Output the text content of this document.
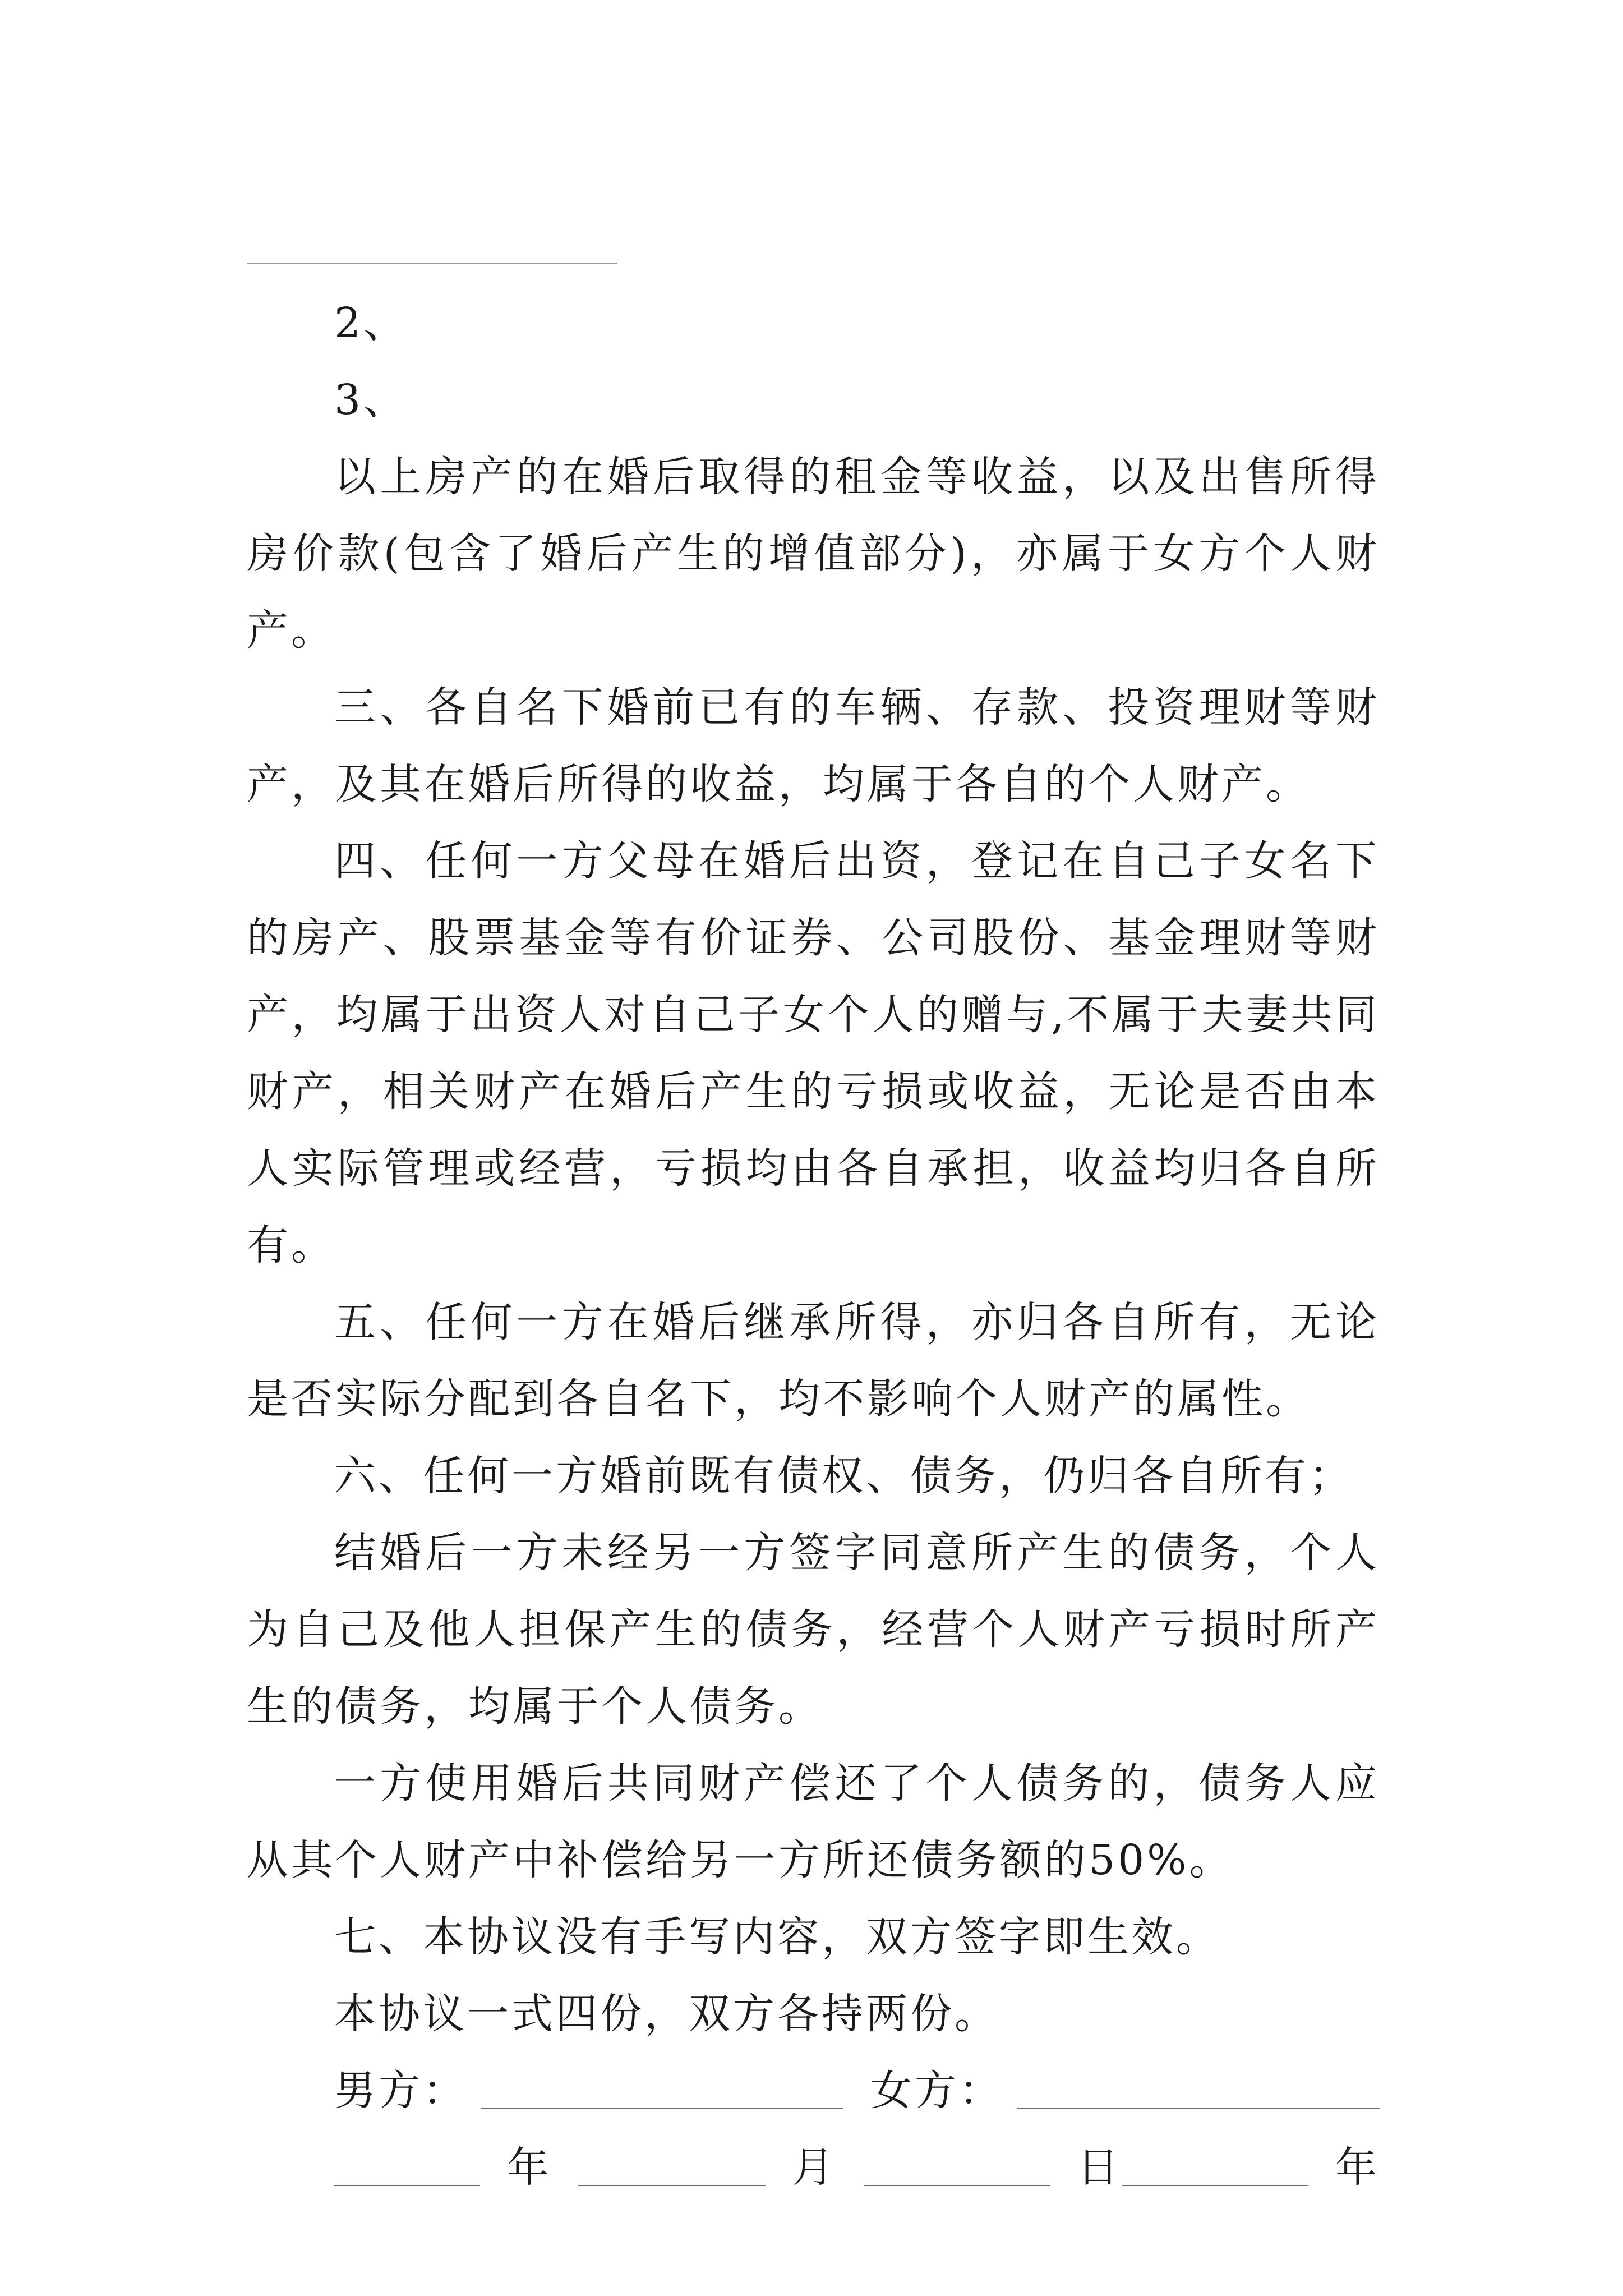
2、

3、

以上房产的在婚后取得的租金等收益，以及出售所得房价款(包含了婚后产生的增值部分)，亦属于女方个人财产。

三、各自名下婚前已有的车辆、存款、投资理财等财产，及其在婚后所得的收益，均属于各自的个人财产。

四、任何一方父母在婚后出资，登记在自己子女名下的房产、股票基金等有价证券、公司股份、基金理财等财产，均属于出资人对自己子女个人的赠与,不属于夫妻共同财产，相关财产在婚后产生的亏损或收益，无论是否由本人实际管理或经营，亏损均由各自承担，收益均归各自所有。

五、任何一方在婚后继承所得，亦归各自所有，无论是否实际分配到各自名下，均不影响个人财产的属性。

六、任何一方婚前既有债权、债务，仍归各自所有；

结婚后一方未经另一方签字同意所产生的债务，个人为自己及他人担保产生的债务，经营个人财产亏损时所产生的债务，均属于个人债务。

一方使用婚后共同财产偿还了个人债务的，债务人应从其个人财产中补偿给另一方所还债务额的50%。

七、本协议没有手写内容，双方签字即生效。

本协议一式四份，双方各持两份。

男方：	女方：
年	月	日	年
